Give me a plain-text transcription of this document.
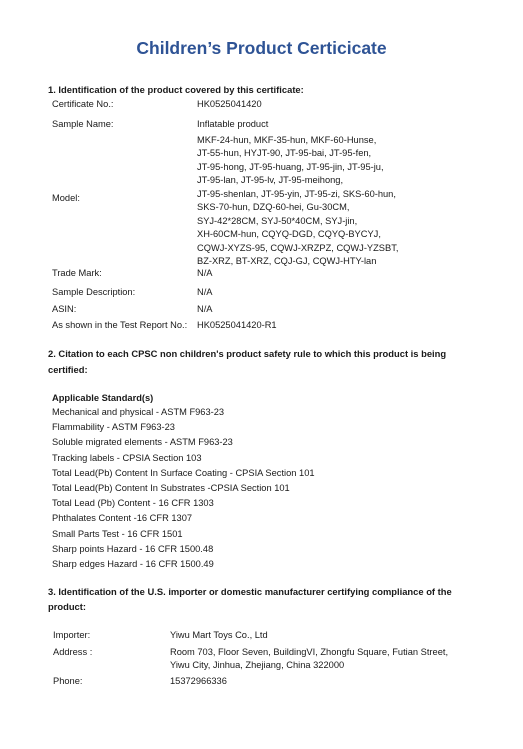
Children’s Product Certicicate
1. Identification of the product covered by this certificate:
Certificate No.:	HK0525041420
Sample Name:	Inflatable product
Model:
MKF-24-hun, MKF-35-hun, MKF-60-Hunse,
JT-55-hun, HYJT-90, JT-95-bai, JT-95-fen,
JT-95-hong, JT-95-huang, JT-95-jin, JT-95-ju,
JT-95-lan, JT-95-lv, JT-95-meihong,
JT-95-shenlan, JT-95-yin, JT-95-zi, SKS-60-hun,
SKS-70-hun, DZQ-60-hei, Gu-30CM,
SYJ-42*28CM, SYJ-50*40CM, SYJ-jin,
XH-60CM-hun, CQYQ-DGD, CQYQ-BYCYJ,
CQWJ-XYZS-95, CQWJ-XRZPZ, CQWJ-YZSBT,
BZ-XRZ, BT-XRZ, CQJ-GJ, CQWJ-HTY-lan
Trade Mark:	N/A
Sample Description:	N/A
ASIN:	N/A
As shown in the Test Report No.: HK0525041420-R1
2. Citation to each CPSC non children's product safety rule to which this product is being
certified:
Applicable Standard(s)
Mechanical and physical - ASTM F963-23
Flammability - ASTM F963-23
Soluble migrated elements - ASTM F963-23
Tracking labels - CPSIA Section 103
Total Lead(Pb) Content In Surface Coating - CPSIA Section 101
Total Lead(Pb) Content In Substrates -CPSIA Section 101
Total Lead (Pb) Content - 16 CFR 1303
Phthalates Content -16 CFR 1307
Small Parts Test - 16 CFR 1501
Sharp points Hazard - 16 CFR 1500.48
Sharp edges Hazard - 16 CFR 1500.49
3. Identification of the U.S. importer or domestic manufacturer certifying compliance of the
product:
Importer:	Yiwu Mart Toys Co., Ltd
Address :	Room 703, Floor Seven, BuildingVI, Zhongfu Square, Futian Street,
Yiwu City, Jinhua, Zhejiang, China 322000
Phone:	15372966336
